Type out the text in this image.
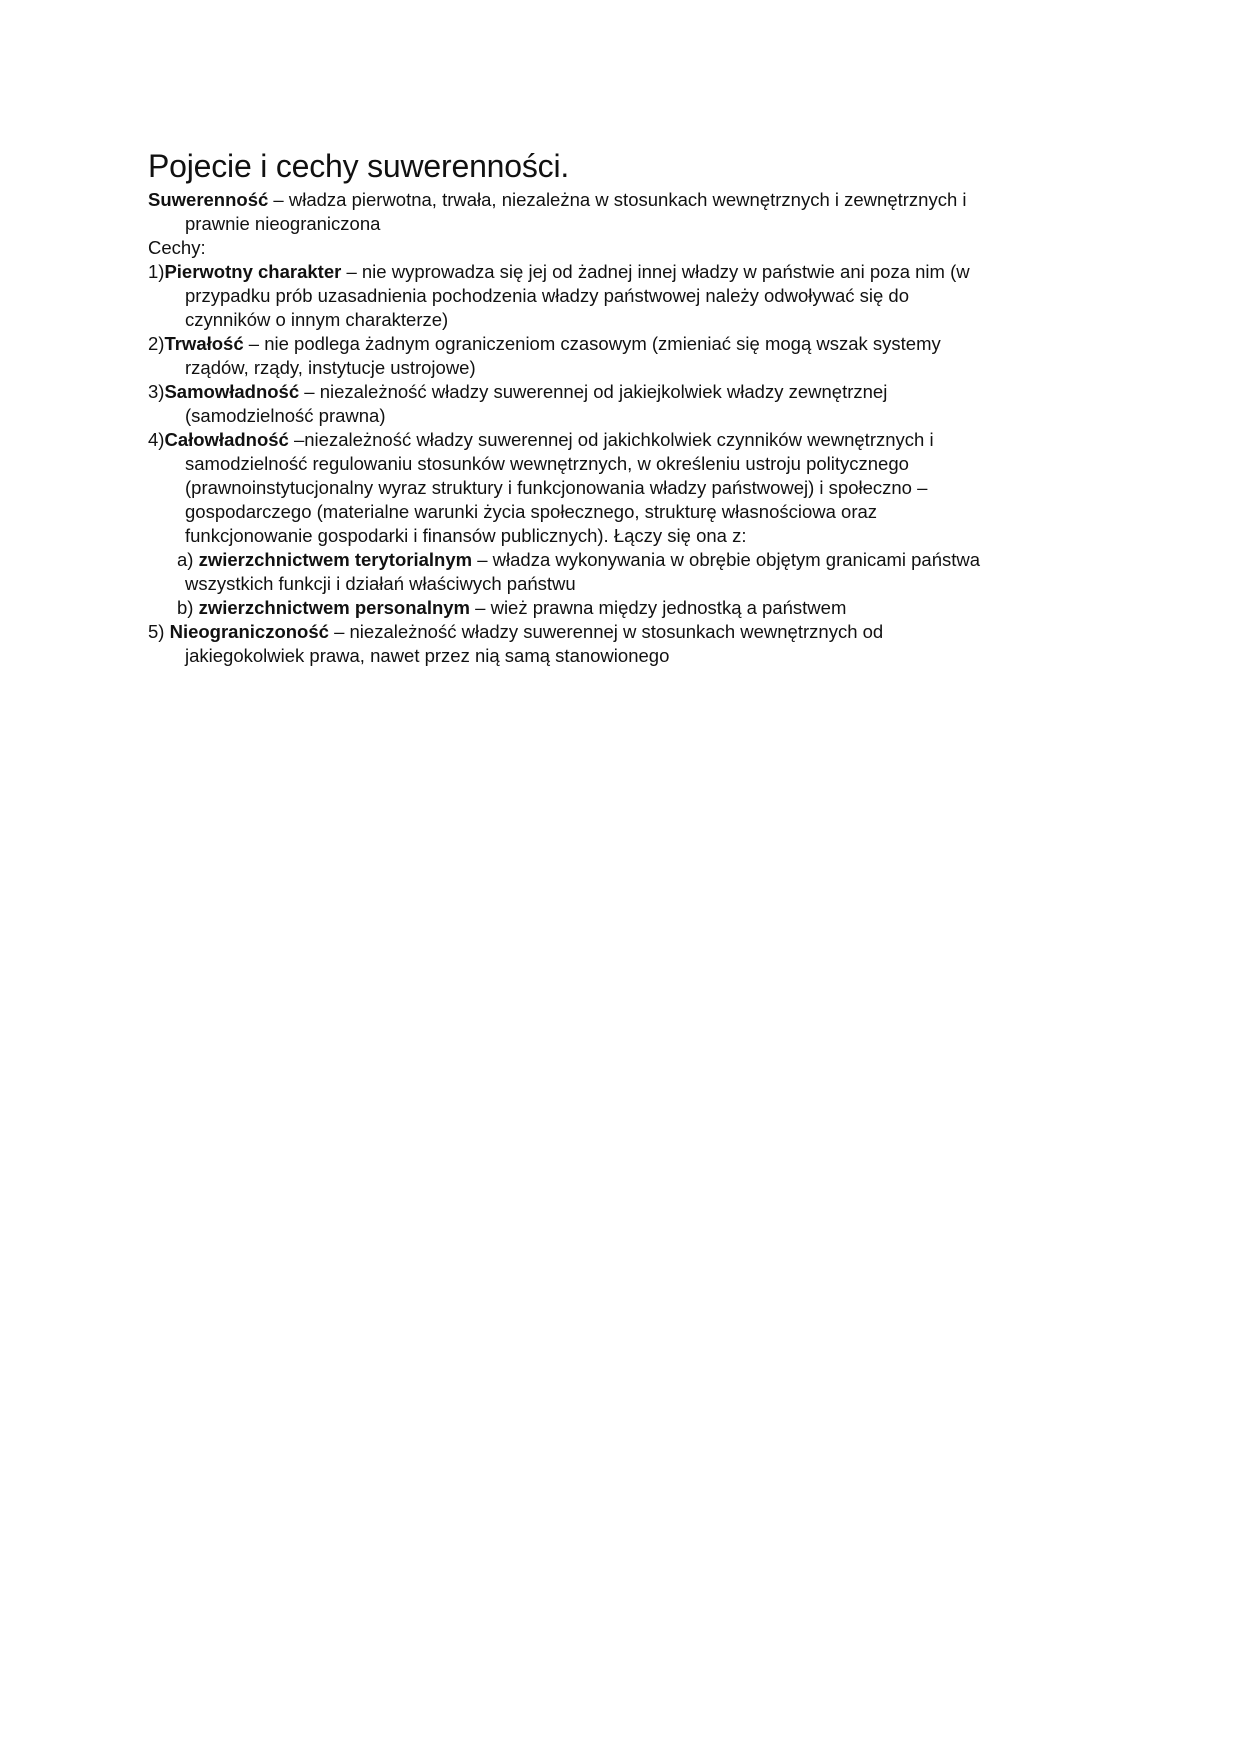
Pojecie i cechy suwerenności.
Suwerenność – władza pierwotna, trwała, niezależna w stosunkach wewnętrznych i zewnętrznych i
prawnie nieograniczona
Cechy:
1)Pierwotny charakter – nie wyprowadza się jej od żadnej innej władzy w państwie ani poza nim (w
przypadku prób uzasadnienia pochodzenia władzy państwowej należy odwoływać się do
czynników o innym charakterze)
2)Trwałość – nie podlega żadnym ograniczeniom czasowym (zmieniać się mogą wszak systemy
rządów, rządy, instytucje ustrojowe)
3)Samowładność – niezależność władzy suwerennej od jakiejkolwiek władzy zewnętrznej
(samodzielność prawna)
4)Całowładność –niezależność władzy suwerennej od jakichkolwiek czynników wewnętrznych i
samodzielność regulowaniu stosunków wewnętrznych, w określeniu ustroju politycznego
(prawnoinstytucjonalny wyraz struktury i funkcjonowania władzy państwowej) i społeczno –
gospodarczego (materialne warunki życia społecznego, strukturę własnościowa oraz
funkcjonowanie gospodarki i finansów publicznych). Łączy się ona z:
a) zwierzchnictwem terytorialnym – władza wykonywania w obrębie objętym granicami państwa
wszystkich funkcji i działań właściwych państwu
b) zwierzchnictwem personalnym – wież prawna między jednostką a państwem
5) Nieograniczoność – niezależność władzy suwerennej w stosunkach wewnętrznych od
jakiegokolwiek prawa, nawet przez nią samą stanowionego
